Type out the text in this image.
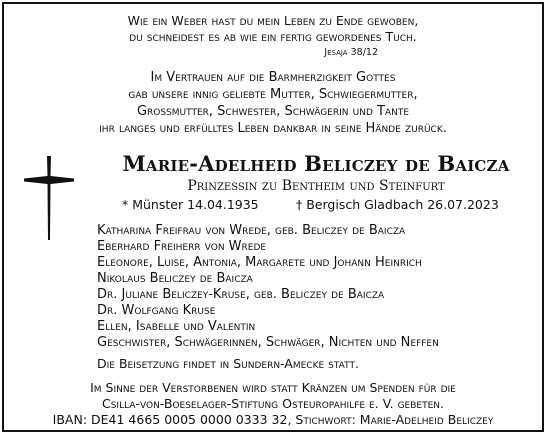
Wie ein Weber hast du mein Leben zu Ende gewoben,
du schneidest es ab wie ein fertig gewordenes Tuch.
Jesaja 38/12
Im Vertrauen auf die Barmherzigkeit Gottes
gab unsere innig geliebte Mutter, Schwiegermutter,
Grossmutter, Schwester, Schwägerin und Tante
ihr langes und erfülltes Leben dankbar in seine Hände zurück.
Marie-Adelheid Beliczey de Baicza
Prinzessin zu Bentheim und Steinfurt
* Münster 14.04.1935	† Bergisch Gladbach 26.07.2023
Katharina Freifrau von Wrede, geb. Beliczey de Baicza
Eberhard Freiherr von Wrede
Eleonore, Luise, Antonia, Margarete und Johann Heinrich
Nikolaus Beliczey de Baicza
Dr. Juliane Beliczey-Kruse, geb. Beliczey de Baicza
Dr. Wolfgang Kruse
Ellen, Isabelle und Valentin
Geschwister, Schwägerinnen, Schwäger, Nichten und Neffen
Die Beisetzung findet in Sundern-Amecke statt.
Im Sinne der Verstorbenen wird statt Kränzen um Spenden für die
Csilla-von-Boeselager-Stiftung Osteuropahilfe e. V. gebeten.
IBAN: DE41 4665 0005 0000 0333 32, Stichwort: Marie-Adelheid Beliczey
